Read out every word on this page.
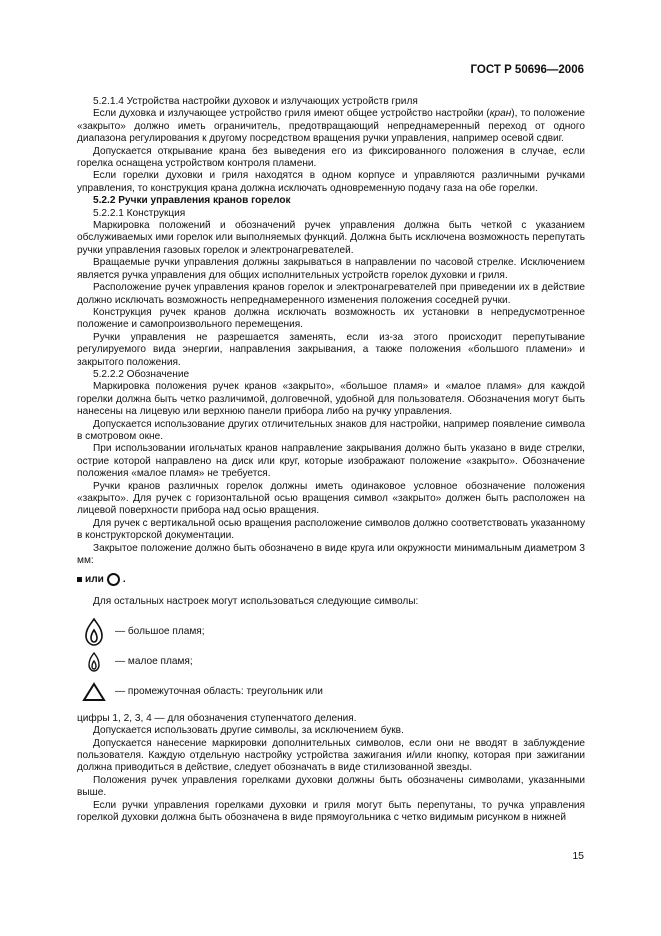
ГОСТ Р 50696—2006

5.2.1.4 Устройства настройки духовок и излучающих устройств гриля

Если духовка и излучающее устройство гриля имеют общее устройство настройки (кран), то положение «закрыто» должно иметь ограничитель, предотвращающий непреднамеренный переход от одного диапазона регулирования к другому посредством вращения ручки управления, например осевой сдвиг.

Допускается открывание крана без выведения его из фиксированного положения в случае, если горелка оснащена устройством контроля пламени.

Если горелки духовки и гриля находятся в одном корпусе и управляются различными ручками управления, то конструкция крана должна исключать одновременную подачу газа на обе горелки.

5.2.2 Ручки управления кранов горелок

5.2.2.1 Конструкция

Маркировка положений и обозначений ручек управления должна быть четкой с указанием обслуживаемых ими горелок или выполняемых функций. Должна быть исключена возможность перепутать ручки управления газовых горелок и электронагревателей.

Вращаемые ручки управления должны закрываться в направлении по часовой стрелке. Исключением является ручка управления для общих исполнительных устройств горелок духовки и гриля.

Расположение ручек управления кранов горелок и электронагревателей при приведении их в действие должно исключать возможность непреднамеренного изменения положения соседней ручки.

Конструкция ручек кранов должна исключать возможность их установки в непредусмотренное положение и самопроизвольного перемещения.

Ручки управления не разрешается заменять, если из-за этого происходит перепутывание регулируемого вида энергии, направления закрывания, а также положения «большого пламени» и закрытого положения.

5.2.2.2 Обозначение

Маркировка положения ручек кранов «закрыто», «большое пламя» и «малое пламя» для каждой горелки должна быть четко различимой, долговечной, удобной для пользователя. Обозначения могут быть нанесены на лицевую или верхнюю панели прибора либо на ручку управления.

Допускается использование других отличительных знаков для настройки, например появление символа в смотровом окне.

При использовании игольчатых кранов направление закрывания должно быть указано в виде стрелки, острие которой направлено на диск или круг, которые изображают положение «закрыто». Обозначение положения «малое пламя» не требуется.

Ручки кранов различных горелок должны иметь одинаковое условное обозначение положения «закрыто». Для ручек с горизонтальной осью вращения символ «закрыто» должен быть расположен на лицевой поверхности прибора над осью вращения.

Для ручек с вертикальной осью вращения расположение символов должно соответствовать указанному в конструкторской документации.

Закрытое положение должно быть обозначено в виде круга или окружности минимальным диаметром 3 мм:

или .

Для остальных настроек могут использоваться следующие символы:

— большое пламя;
— малое пламя;
— промежуточная область: треугольник или

цифры 1, 2, 3, 4 — для обозначения ступенчатого деления.

Допускается использовать другие символы, за исключением букв.

Допускается нанесение маркировки дополнительных символов, если они не вводят в заблуждение пользователя. Каждую отдельную настройку устройства зажигания и/или кнопку, которая при зажигании должна приводиться в действие, следует обозначать в виде стилизованной звезды.

Положения ручек управления горелками духовки должны быть обозначены символами, указанными выше.

Если ручки управления горелками духовки и гриля могут быть перепутаны, то ручка управления горелкой духовки должна быть обозначена в виде прямоугольника с четко видимым рисунком в нижней

15
